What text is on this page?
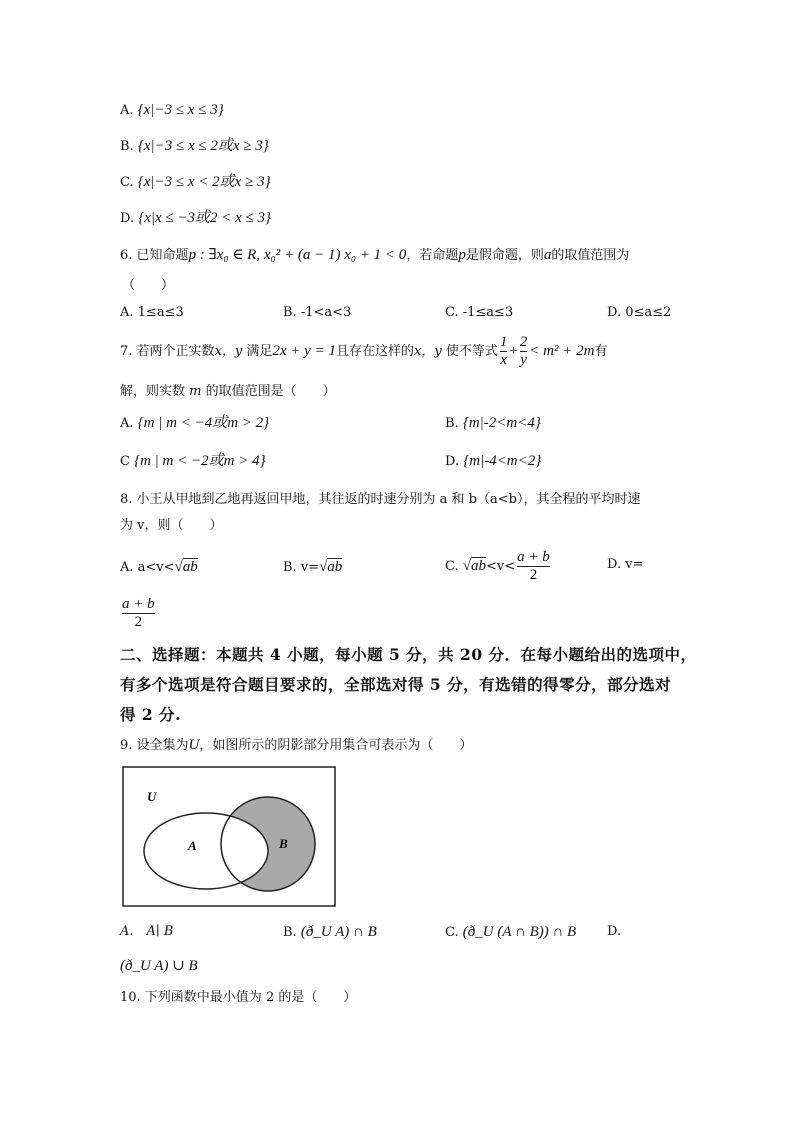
A. {x|−3 ≤ x ≤ 3}
B. {x|−3 ≤ x ≤ 2或x ≥ 3}
C. {x|−3 ≤ x < 2或x ≥ 3}
D. {x|x ≤ −3或2 < x ≤ 3}
6. 已知命题p : ∃x₀ ∈ R, x₀² + (a − 1) x₀ + 1 < 0，若命题p是假命题，则a的取值范围为
（　　）
A. 1≤a≤3	B. -1<a<3	C. -1≤a≤3	D. 0≤a≤2
7. 若两个正实数x，y 满足2x + y = 1且存在这样的x，y 使不等式 $\frac{1}{x} + \frac{2}{y} < m^2 + 2m$有
解，则实数 m 的取值范围是（　　）
A. {m | m < −4或m > 2}	B. {m|-2<m<4}
C {m | m < −2或m > 4}	D. {m|-4<m<2}
8. 小王从甲地到乙地再返回甲地，其往返的时速分别为 a 和 b（a<b），其全程的平均时速
为 v，则（　　）
A. a<v<√ab	B. v=√ab	C. $√ab<v< \frac{a + b}{2}$	D. v=
$\frac{a + b}{2}$
二、选择题：本题共 4 小题，每小题 5 分，共 20 分．在每小题给出的选项中，
有多个选项是符合题目要求的，全部选对得 5 分，有选错的得零分，部分选对
得 2 分.
9. 设全集为U，如图所示的阴影部分用集合可表示为（　　）
U
A	B
A.　A∣ B	B. (ð_U A) ∩ B	C. (ð_U (A ∩ B)) ∩ B D.
(ð_U A) ∪ B
10. 下列函数中最小值为 2 的是（　　）
